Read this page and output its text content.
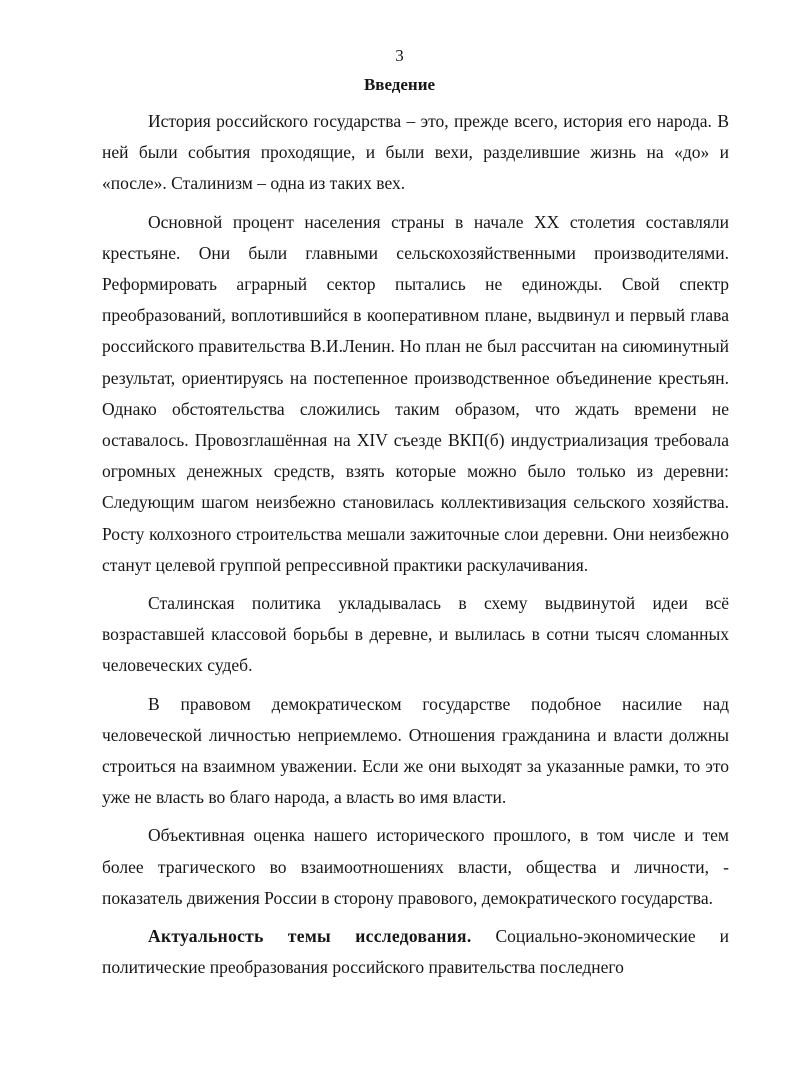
3
Введение

История российского государства – это, прежде всего, история его народа. В ней были события проходящие, и были вехи, разделившие жизнь на «до» и «после». Сталинизм – одна из таких вех.

Основной процент населения страны в начале XX столетия составляли крестьяне. Они были главными сельскохозяйственными производителями. Реформировать аграрный сектор пытались не единожды. Свой спектр преобразований, воплотившийся в кооперативном плане, выдвинул и первый глава российского правительства В.И.Ленин. Но план не был рассчитан на сиюминутный результат, ориентируясь на постепенное производственное объединение крестьян. Однако обстоятельства сложились таким образом, что ждать времени не оставалось. Провозглашённая на XIV съезде ВКП(б) индустриализация требовала огромных денежных средств, взять которые можно было только из деревни: Следующим шагом неизбежно становилась коллективизация сельского хозяйства. Росту колхозного строительства мешали зажиточные слои деревни. Они неизбежно станут целевой группой репрессивной практики раскулачивания.

Сталинская политика укладывалась в схему выдвинутой идеи всё возраставшей классовой борьбы в деревне, и вылилась в сотни тысяч сломанных человеческих судеб.

В правовом демократическом государстве подобное насилие над человеческой личностью неприемлемо. Отношения гражданина и власти должны строиться на взаимном уважении. Если же они выходят за указанные рамки, то это уже не власть во благо народа, а власть во имя власти.

Объективная оценка нашего исторического прошлого, в том числе и тем более трагического во взаимоотношениях власти, общества и личности, - показатель движения России в сторону правового, демократического государства.

Актуальность темы исследования. Социально-экономические и политические преобразования российского правительства последнего
